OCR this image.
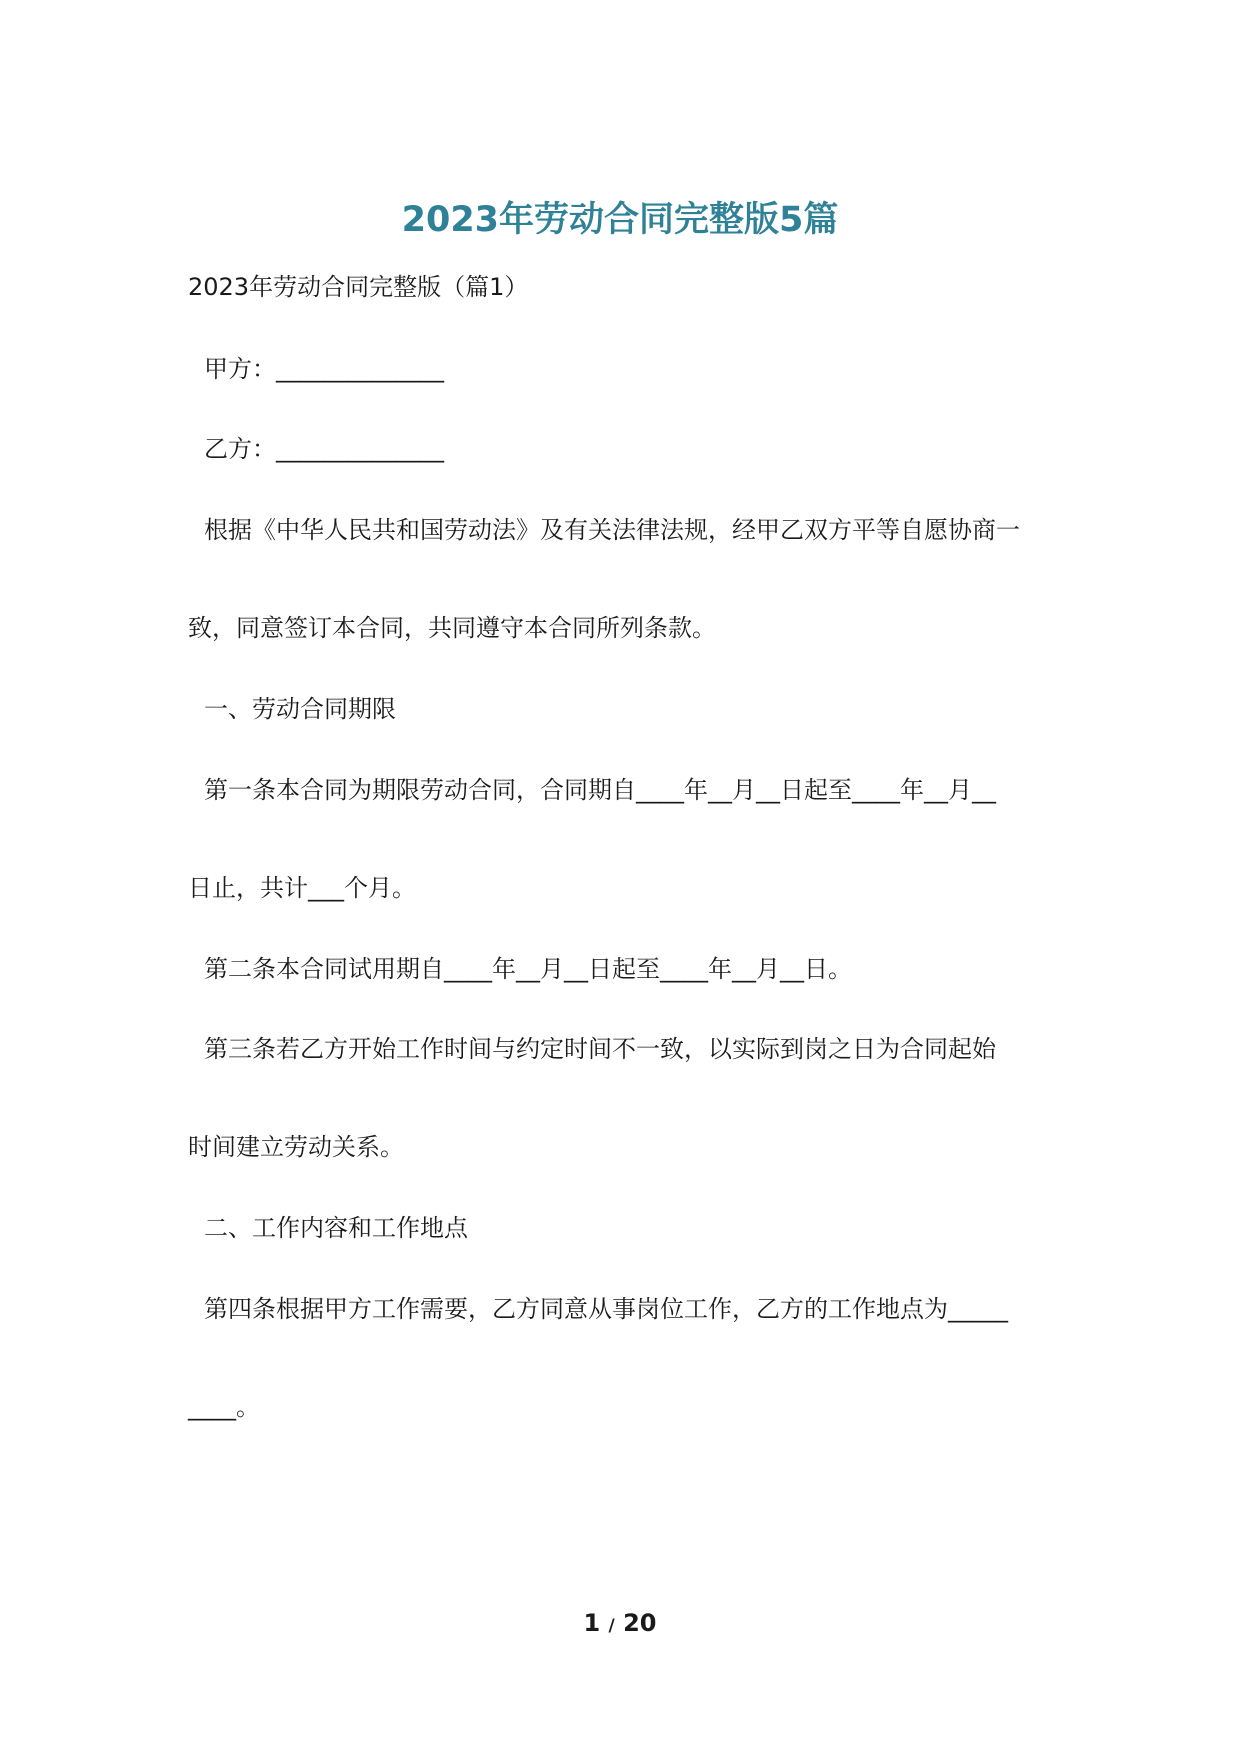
2023年劳动合同完整版5篇

2023年劳动合同完整版（篇1）

甲方：______________

乙方：______________

根据《中华人民共和国劳动法》及有关法律法规，经甲乙双方平等自愿协商一

致，同意签订本合同，共同遵守本合同所列条款。

一、劳动合同期限

第一条本合同为期限劳动合同，合同期自____年__月__日起至____年__月__

日止，共计___个月。

第二条本合同试用期自____年__月__日起至____年__月__日。

第三条若乙方开始工作时间与约定时间不一致，以实际到岗之日为合同起始

时间建立劳动关系。

二、工作内容和工作地点

第四条根据甲方工作需要，乙方同意从事岗位工作，乙方的工作地点为_____

____。

1 / 20
